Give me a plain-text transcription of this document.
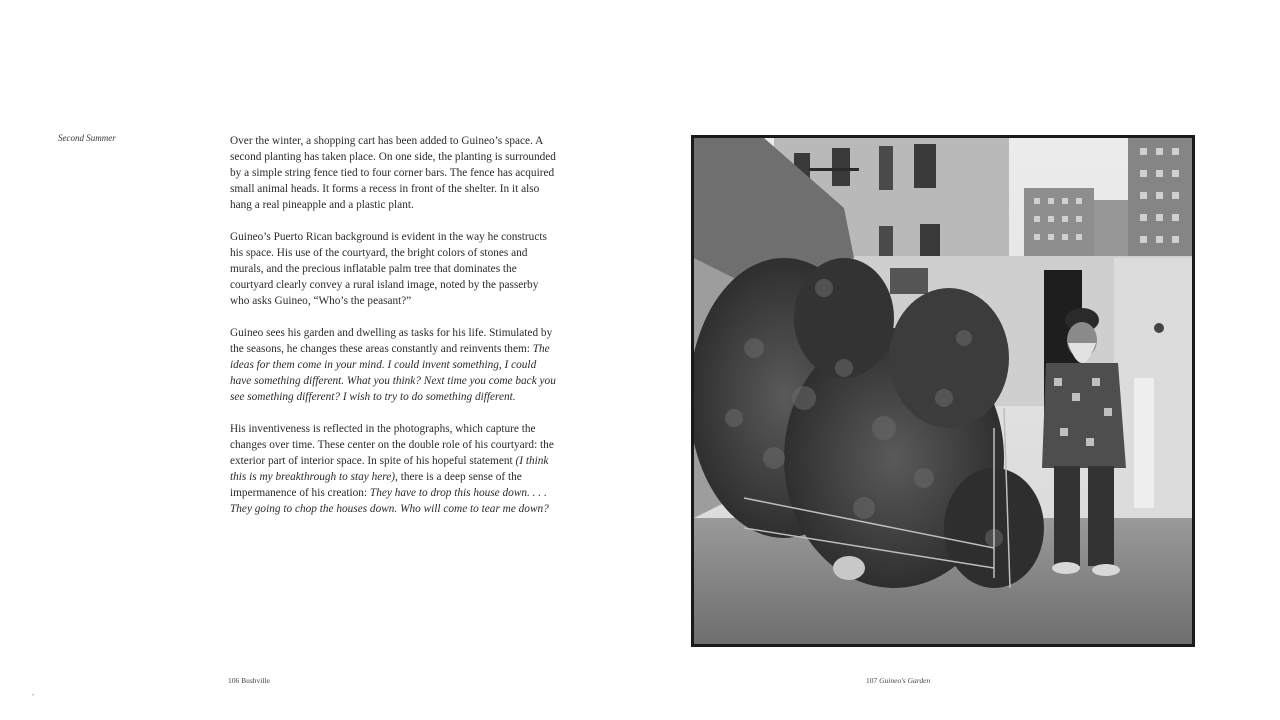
Second Summer	Over the winter, a shopping cart has been added to Guineo’s space. A second planting has taken place. On one side, the planting is surrounded by a simple string fence tied to four corner bars. The fence has acquired small animal heads. It forms a recess in front of the shelter. In it also hang a real pineapple and a plastic plant.

Guineo’s Puerto Rican background is evident in the way he constructs his space. His use of the courtyard, the bright colors of stones and murals, and the precious inflatable palm tree that dominates the courtyard clearly convey a rural island image, noted by the passerby who asks Guineo, “Who’s the peasant?”

Guineo sees his garden and dwelling as tasks for his life. Stimulated by the seasons, he changes these areas constantly and reinvents them: The ideas for them come in your mind. I could invent something, I could have something different. What you think? Next time you come back you see something different? I wish to try to do something different.

His inventiveness is reflected in the photographs, which capture the changes over time. These center on the double role of his courtyard: the exterior part of interior space. In spite of his hopeful statement (I think this is my breakthrough to stay here), there is a deep sense of the impermanence of his creation: They have to drop this house down. . . . They going to chop the houses down. Who will come to tear me down?

106 Bushville	107 Guineo's Garden
•
